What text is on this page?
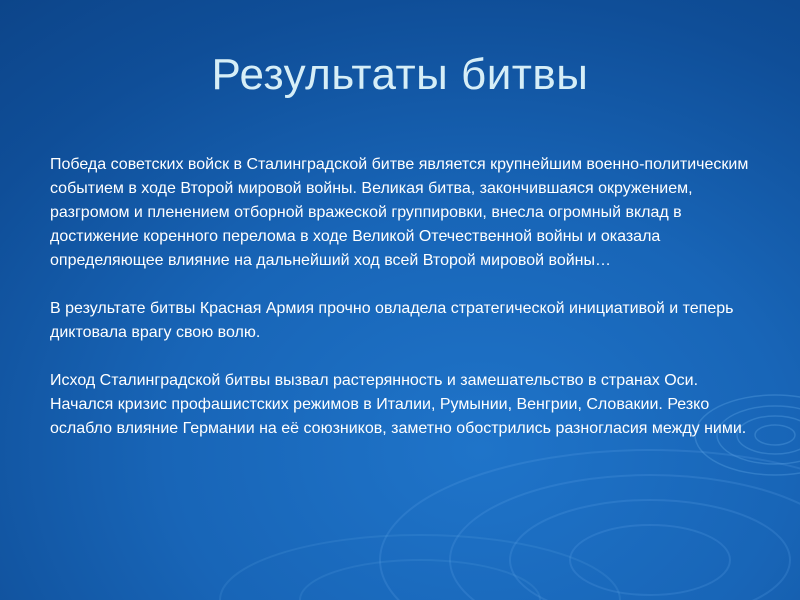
Результаты битвы

Победа советских войск в Сталинградской битве является крупнейшим военно-политическим событием в ходе Второй мировой войны. Великая битва, закончившаяся окружением, разгромом и пленением отборной вражеской группировки, внесла огромный вклад в достижение коренного перелома в ходе Великой Отечественной войны и оказала определяющее влияние на дальнейший ход всей Второй мировой войны…

В результате битвы Красная Армия прочно овладела стратегической инициативой и теперь диктовала врагу свою волю.

Исход Сталинградской битвы вызвал растерянность и замешательство в странах Оси. Начался кризис профашистских режимов в Италии, Румынии, Венгрии, Словакии. Резко ослабло влияние Германии на её союзников, заметно обострились разногласия между ними.
